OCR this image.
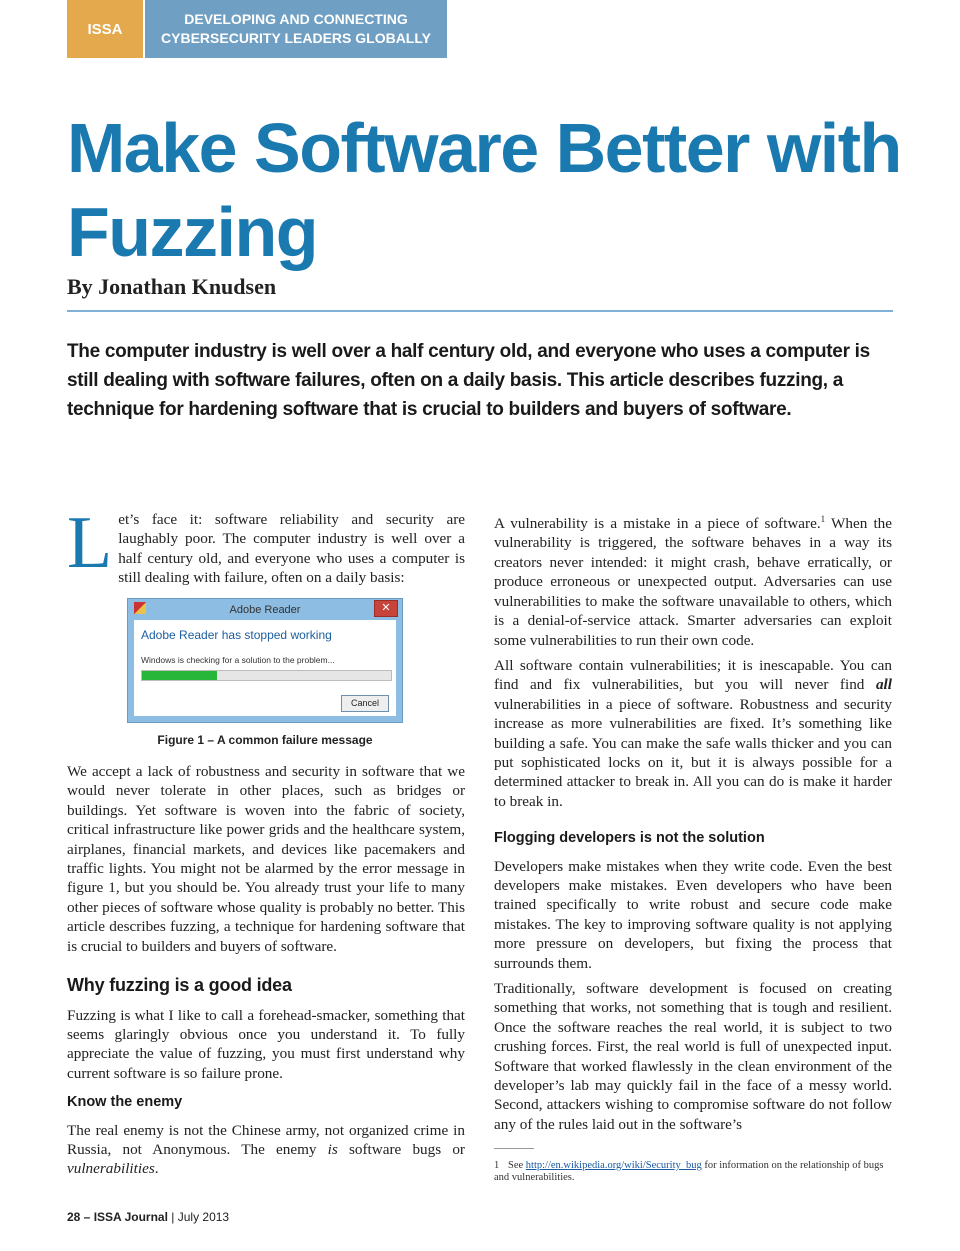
ISSA
DEVELOPING AND CONNECTING
CYBERSECURITY LEADERS GLOBALLY
Make Software Better with Fuzzing
By Jonathan Knudsen
The computer industry is well over a half century old, and everyone who uses a computer is still dealing with software failures, often on a daily basis. This article describes fuzzing, a technique for hardening software that is crucial to builders and buyers of software.

Let’s face it: software reliability and security are laughably poor. The computer industry is well over a half century old, and everyone who uses a computer is still dealing with failure, often on a daily basis:

Adobe Reader	✕
Adobe Reader has stopped working
Windows is checking for a solution to the problem...
Cancel
Figure 1 – A common failure message

We accept a lack of robustness and security in software that we would never tolerate in other places, such as bridges or buildings. Yet software is woven into the fabric of society, critical infrastructure like power grids and the healthcare system, airplanes, financial markets, and devices like pacemakers and traffic lights. You might not be alarmed by the error message in figure 1, but you should be. You already trust your life to many other pieces of software whose quality is probably no better. This article describes fuzzing, a technique for hardening software that is crucial to builders and buyers of software.

Why fuzzing is a good idea

Fuzzing is what I like to call a forehead-smacker, something that seems glaringly obvious once you understand it. To fully appreciate the value of fuzzing, you must first understand why current software is so failure prone.

Know the enemy

The real enemy is not the Chinese army, not organized crime in Russia, not Anonymous. The enemy is software bugs or vulnerabilities.

A vulnerability is a mistake in a piece of software.$^1$ When the vulnerability is triggered, the software behaves in a way its creators never intended: it might crash, behave erratically, or produce erroneous or unexpected output. Adversaries can use vulnerabilities to make the software unavailable to others, which is a denial-of-service attack. Smarter adversaries can exploit some vulnerabilities to run their own code.

All software contain vulnerabilities; it is inescapable. You can find and fix vulnerabilities, but you will never find all vulnerabilities in a piece of software. Robustness and security increase as more vulnerabilities are fixed. It’s something like building a safe. You can make the safe walls thicker and you can put sophisticated locks on it, but it is always possible for a determined attacker to break in. All you can do is make it harder to break in.

Flogging developers is not the solution

Developers make mistakes when they write code. Even the best developers make mistakes. Even developers who have been trained specifically to write robust and secure code make mistakes. The key to improving software quality is not applying more pressure on developers, but fixing the process that surrounds them.

Traditionally, software development is focused on creating something that works, not something that is tough and resilient. Once the software reaches the real world, it is subject to two crushing forces. First, the real world is full of unexpected input. Software that worked flawlessly in the clean environment of the developer’s lab may quickly fail in the face of a messy world. Second, attackers wishing to compromise software do not follow any of the rules laid out in the software’s

1 See http://en.wikipedia.org/wiki/Security_bug for information on the relationship of bugs and vulnerabilities.
28 – ISSA Journal | July 2013
